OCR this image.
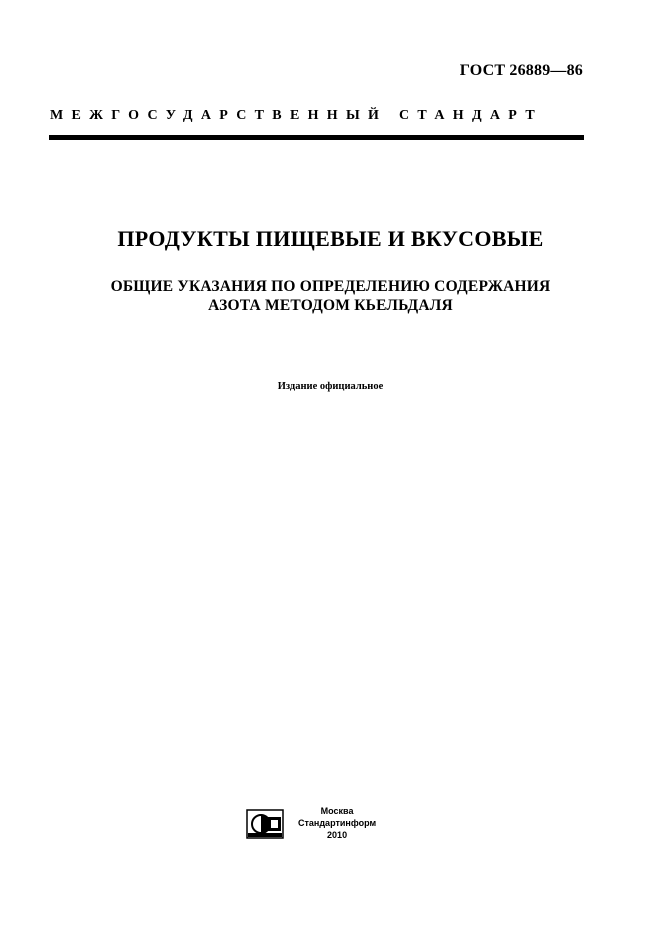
ГОСТ 26889—86
МЕЖГОСУДАРСТВЕННЫЙ СТАНДАРТ
ПРОДУКТЫ ПИЩЕВЫЕ И ВКУСОВЫЕ
ОБЩИЕ УКАЗАНИЯ ПО ОПРЕДЕЛЕНИЮ СОДЕРЖАНИЯ
АЗОТА МЕТОДОМ КЬЕЛЬДАЛЯ
Издание официальное
Москва
Стандартинформ
2010
